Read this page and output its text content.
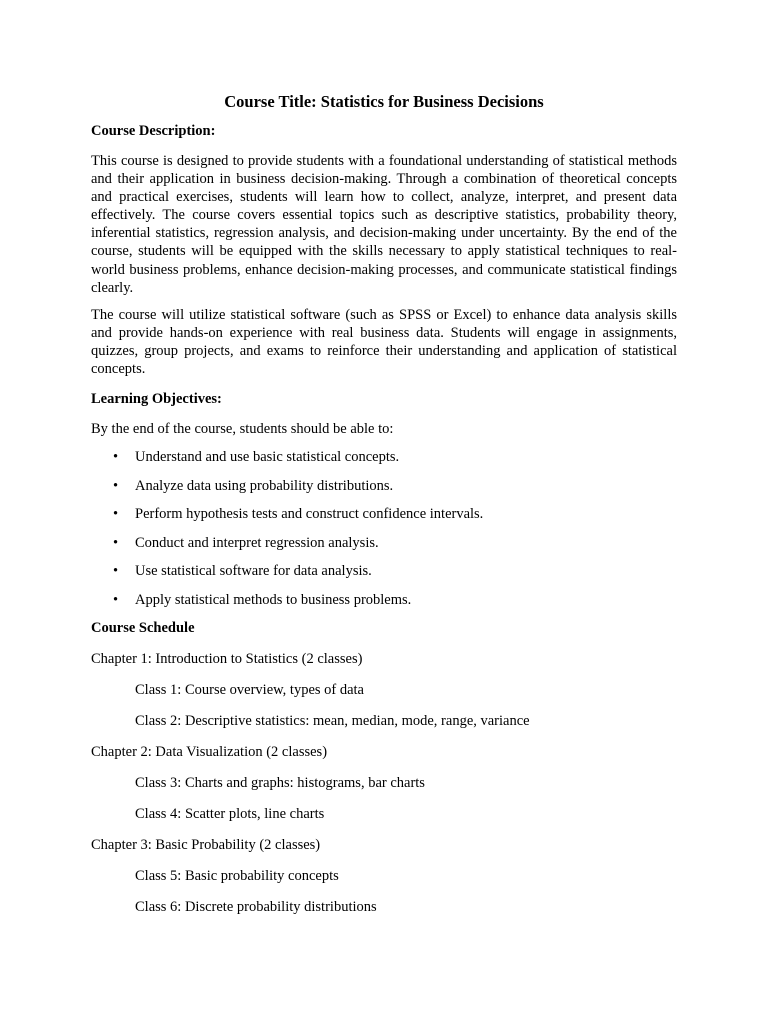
Course Title: Statistics for Business Decisions
Course Description:

This course is designed to provide students with a foundational understanding of statistical methods and their application in business decision-making. Through a combination of theoretical concepts and practical exercises, students will learn how to collect, analyze, interpret, and present data effectively. The course covers essential topics such as descriptive statistics, probability theory, inferential statistics, regression analysis, and decision-making under uncertainty. By the end of the course, students will be equipped with the skills necessary to apply statistical techniques to real-world business problems, enhance decision-making processes, and communicate statistical findings clearly.

The course will utilize statistical software (such as SPSS or Excel) to enhance data analysis skills and provide hands-on experience with real business data. Students will engage in assignments, quizzes, group projects, and exams to reinforce their understanding and application of statistical concepts.

Learning Objectives:
By the end of the course, students should be able to:
• Understand and use basic statistical concepts.
• Analyze data using probability distributions.
• Perform hypothesis tests and construct confidence intervals.
• Conduct and interpret regression analysis.
• Use statistical software for data analysis.
• Apply statistical methods to business problems.
Course Schedule
Chapter 1: Introduction to Statistics (2 classes)
Class 1: Course overview, types of data
Class 2: Descriptive statistics: mean, median, mode, range, variance
Chapter 2: Data Visualization (2 classes)
Class 3: Charts and graphs: histograms, bar charts
Class 4: Scatter plots, line charts
Chapter 3: Basic Probability (2 classes)
Class 5: Basic probability concepts
Class 6: Discrete probability distributions
